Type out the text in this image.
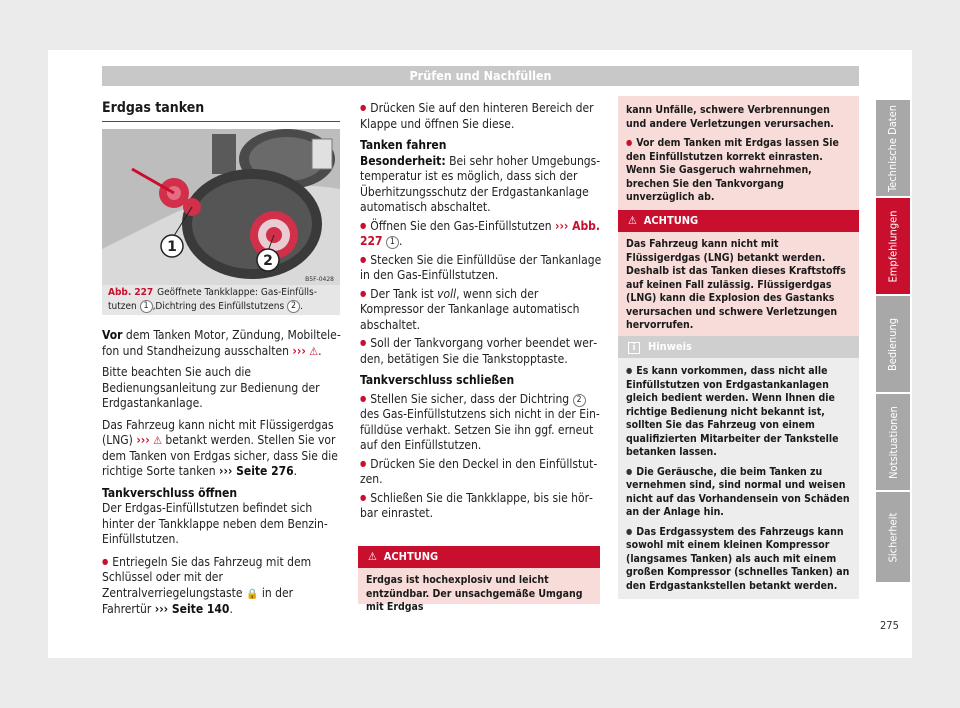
Prüfen und Nachfüllen
Technische Daten
Empfehlungen
Bedienung
Notsituationen
Sicherheit
Erdgas tanken
1
2
B5F-0428
Abb. 227 Geöffnete Tankklappe: Gas-Einfüllstutzen 1 ,Dichtring des Einfüllstutzens 2 .

Vor dem Tanken Motor, Zündung, Mobiltelefon und Standheizung ausschalten ››› ⚠.

Bitte beachten Sie auch die Bedienungsanleitung zur Bedienung der Erdgastankanlage.

Das Fahrzeug kann nicht mit Flüssigerdgas (LNG) ››› ⚠ betankt werden. Stellen Sie vor dem Tanken von Erdgas sicher, dass Sie die richtige Sorte tanken ››› Seite 276.

Tankverschluss öffnen

Der Erdgas-Einfüllstutzen befindet sich hinter der Tankklappe neben dem Benzin-Einfüllstutzen.

● Entriegeln Sie das Fahrzeug mit dem Schlüssel oder mit der Zentralverriegelungstaste 🔒 in der Fahrertür ››› Seite 140.

● Drücken Sie auf den hinteren Bereich der Klappe und öffnen Sie diese.

Tanken fahren

Besonderheit: Bei sehr hoher Umgebungstemperatur ist es möglich, dass sich der Überhitzungsschutz der Erdgastankanlage automatisch abschaltet.

● Öffnen Sie den Gas-Einfüllstutzen ››› Abb. 227 1 .

● Stecken Sie die Einfülldüse der Tankanlage in den Gas-Einfüllstutzen.

● Der Tank ist voll, wenn sich der Kompressor der Tankanlage automatisch abschaltet.

● Soll der Tankvorgang vorher beendet werden, betätigen Sie die Tankstopptaste.

Tankverschluss schließen

● Stellen Sie sicher, dass der Dichtring 2 des Gas-Einfüllstutzens sich nicht in der Einfülldüse verhakt. Setzen Sie ihn ggf. erneut auf den Einfüllstutzen.

● Drücken Sie den Deckel in den Einfüllstutzen.

● Schließen Sie die Tankklappe, bis sie hörbar einrastet.

⚠  ACHTUNG
Erdgas ist hochexplosiv und leicht entzündbar. Der unsachgemäße Umgang mit Erdgas

kann Unfälle, schwere Verbrennungen und andere Verletzungen verursachen.

● Vor dem Tanken mit Erdgas lassen Sie den Einfüllstutzen korrekt einrasten. Wenn Sie Gasgeruch wahrnehmen, brechen Sie den Tankvorgang unverzüglich ab.

⚠  ACHTUNG
Das Fahrzeug kann nicht mit Flüssigerdgas (LNG) betankt werden. Deshalb ist das Tanken dieses Kraftstoffs auf keinen Fall zulässig. Flüssigerdgas (LNG) kann die Explosion des Gastanks verursachen und schwere Verletzungen hervorrufen.
i Hinweis

● Es kann vorkommen, dass nicht alle Einfüllstutzen von Erdgastankanlagen gleich bedient werden. Wenn Ihnen die richtige Bedienung nicht bekannt ist, sollten Sie das Fahrzeug von einem qualifizierten Mitarbeiter der Tankstelle betanken lassen.

● Die Geräusche, die beim Tanken zu vernehmen sind, sind normal und weisen nicht auf das Vorhandensein von Schäden an der Anlage hin.

● Das Erdgassystem des Fahrzeugs kann sowohl mit einem kleinen Kompressor (langsames Tanken) als auch mit einem großen Kompressor (schnelles Tanken) an den Erdgastankstellen betankt werden.

275
